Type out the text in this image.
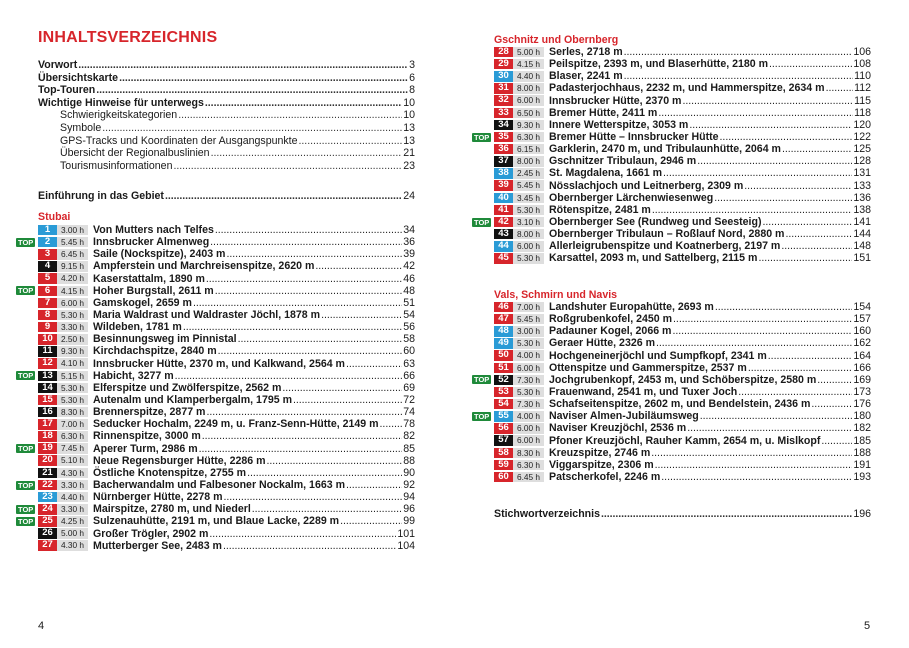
INHALTSVERZEICHNIS
Vorwort . . .	3
Übersichtskarte . . .	6
Top-Touren . . .	8
Wichtige Hinweise für unterwegs . . .	10
Schwierigkeitskategorien . . .	10
Symbole . . .	13
GPS-Tracks und Koordinaten der Ausgangspunkte . . .	13
Übersicht der Regionalbuslinien . . .	21
Tourismusinformationen . . .	23
Einführung in das Gebiet . . .	24
Stubai
1	3.00 h Von Mutters nach Telfes . . .	34
TOP	2	5.45 h Innsbrucker Almenweg . . .	36
3	6.45 h Saile (Nockspitze), 2403 m . . .	39
4	9.15 h Ampferstein und Marchreisenspitze, 2620 m . . .	42
5	4.20 h Kaserstattalm, 1890 m . . .	46
TOP	6	4.15 h Hoher Burgstall, 2611 m . . .	48
7	6.00 h Gamskogel, 2659 m . . .	51
8	5.30 h Maria Waldrast und Waldraster Jöchl, 1878 m . . .	54
9	3.30 h Wildeben, 1781 m . . .	56
10 2.50 h Besinnungsweg im Pinnistal . . .	58
11	9.30 h Kirchdachspitze, 2840 m . . .	60
12 4.10 h Innsbrucker Hütte, 2370 m, und Kalkwand, 2564 m . . .	63
TOP 13 5.15 h Habicht, 3277 m . . .	66
14 5.30 h Elferspitze und Zwölferspitze, 2562 m . . .	69
15 5.30 h Autenalm und Klamperbergalm, 1795 m . . .	72
16 8.30 h Brennerspitze, 2877 m . . .	74
17 7.00 h Seducker Hochalm, 2249 m, u. Franz-Senn-Hütte, 2149 m . . . 78
18 6.30 h Rinnenspitze, 3000 m . . .	82
TOP 19 7.45 h Aperer Turm, 2986 m . . .	85
20 5.10 h Neue Regensburger Hütte, 2286 m . . .	88
21 4.30 h Östliche Knotenspitze, 2755 m . . .	90
TOP 22 3.30 h Bacherwandalm und Falbesoner Nockalm, 1663 m . . .	92
23 4.40 h Nürnberger Hütte, 2278 m . . .	94
TOP 24 3.30 h Mairspitze, 2780 m, und Niederl . . .	96
TOP 25 4.25 h Sulzenauhütte, 2191 m, und Blaue Lacke, 2289 m . . .	99
26 5.00 h Großer Trögler, 2902 m . . .	101
27 4.30 h Mutterberger See, 2483 m . . .	104
Gschnitz und Obernberg
28 5.00 h Serles, 2718 m . . .	106
29 4.15 h Peilspitze, 2393 m, und Blaserhütte, 2180 m . . .	108
30 4.40 h Blaser, 2241 m . . .	110
31 8.00 h Padasterjochhaus, 2232 m, und Hammerspitze, 2634 m . . .	112
32 6.00 h Innsbrucker Hütte, 2370 m . . .	115
33 6.50 h Bremer Hütte, 2411 m . . .	118
34 9.30 h Innere Wetterspitze, 3053 m . . .	120
TOP 35 6.30 h Bremer Hütte – Innsbrucker Hütte . . .	122
36 6.15 h Garklerin, 2470 m, und Tribulaunhütte, 2064 m . . .	125
37 8.00 h Gschnitzer Tribulaun, 2946 m . . .	128
38 2.45 h St. Magdalena, 1661 m . . .	131
39 5.45 h Nösslachjoch und Leitnerberg, 2309 m . . .	133
40 3.45 h Obernberger Lärchenwiesenweg . . .	136
41 5.30 h Rötenspitze, 2481 m . . .	138
TOP 42 3.10 h Obernberger See (Rundweg und Seesteig) . . .	141
43 8.00 h Obernberger Tribulaun – Roßlauf Nord, 2880 m . . .	144
44 6.00 h Allerleigrubenspitze und Koatnerberg, 2197 m . . .	148
45 5.30 h Karsattel, 2093 m, und Sattelberg, 2115 m . . .	151
Vals, Schmirn und Navis
46 7.00 h Landshuter Europahütte, 2693 m . . .	154
47 5.45 h Roßgrubenkofel, 2450 m . . .	157
48 3.00 h Padauner Kogel, 2066 m . . .	160
49 5.30 h Geraer Hütte, 2326 m . . .	162
50 4.00 h Hochgeneinerjöchl und Sumpfkopf, 2341 m . . .	164
51 6.00 h Ottenspitze und Gammerspitze, 2537 m . . .	166
TOP 52 7.30 h Jochgrubenkopf, 2453 m, und Schöberspitze, 2580 m . . .	169
53 5.30 h Frauenwand, 2541 m, und Tuxer Joch . . .	173
54 7.30 h Schafseitenspitze, 2602 m, und Bendelstein, 2436 m . . .	176
TOP 55 4.00 h Naviser Almen-Jubiläumsweg . . .	180
56 6.00 h Naviser Kreuzjöchl, 2536 m . . .	182
57 6.00 h Pfoner Kreuzjöchl, Rauher Kamm, 2654 m, u. Mislkopf . . .	185
58 8.30 h Kreuzspitze, 2746 m . . .	188
59 6.30 h Viggarspitze, 2306 m . . .	191
60 6.45 h Patscherkofel, 2246 m . . .	193
Stichwortverzeichnis . . .	196
4	5
